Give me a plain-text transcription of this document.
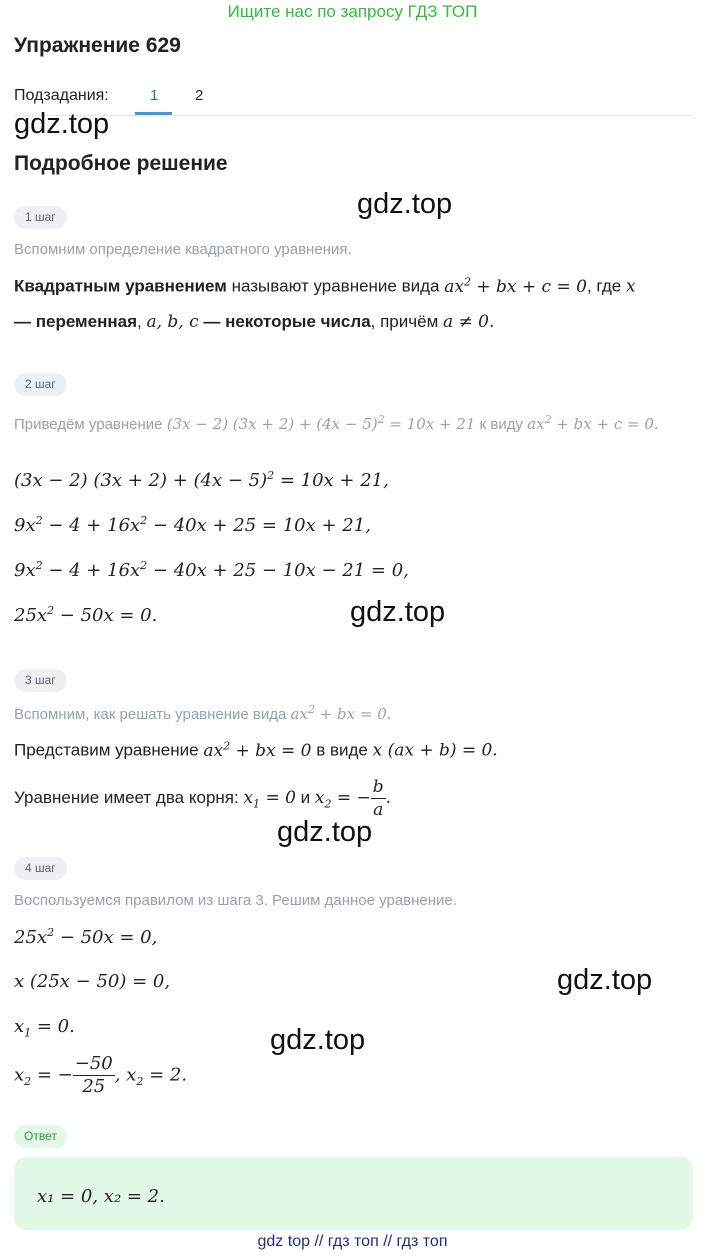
Ищите нас по запросу ГДЗ ТОП
Упражнение 629
Подзадания:	1 2
gdz.top
gdz.top
gdz.top
gdz.top
gdz.top
gdz.top
Подробное решение
1 шаг
Вспомним определение квадратного уравнения.
Квадратным уравнением называют уравнение вида $ax^2$ + bx + c = 0, где x
— переменная, a, b, c — некоторые числа, причём a ≠ 0.
2 шаг
Приведём уравнение (3x − 2) $(3x + 2) + (4x - 5)^2 = 10x + 21$ к виду $ax^2$ + bx + c = 0.
(3x − 2) $(3x + 2) + (4x - 5)^2 = 10x + 21$,
$9x^2 - 4 + 16x^2 - 40x + 25 = 10x + 21$,
$9x^2 - 4 + 16x^2 - 40x + 25 - 10x - 21 = 0$,
$25x^2 - 50x = 0$.
3 шаг
Вспомним, как решать уравнение вида $ax^2$ + bx = 0.
Представим уравнение $ax^2$ + bx = 0 в виде x (ax + b) = 0.
Уравнение имеет два корня: $x_1 = 0$ и $x_2$ = − $\frac{b}{a}$ .
4 шаг
Воспользуемся правилом из шага 3. Решим данное уравнение.
$25x^2 - 50x = 0$,
x (25x − 50) = 0,
$x_1 = 0$.
$x_2$ = − $\frac{-50}{25}$ , $x_2 = 2$.
Ответ
x₁ = 0, x₂ = 2.
gdz top // гдз топ // гдз топ
